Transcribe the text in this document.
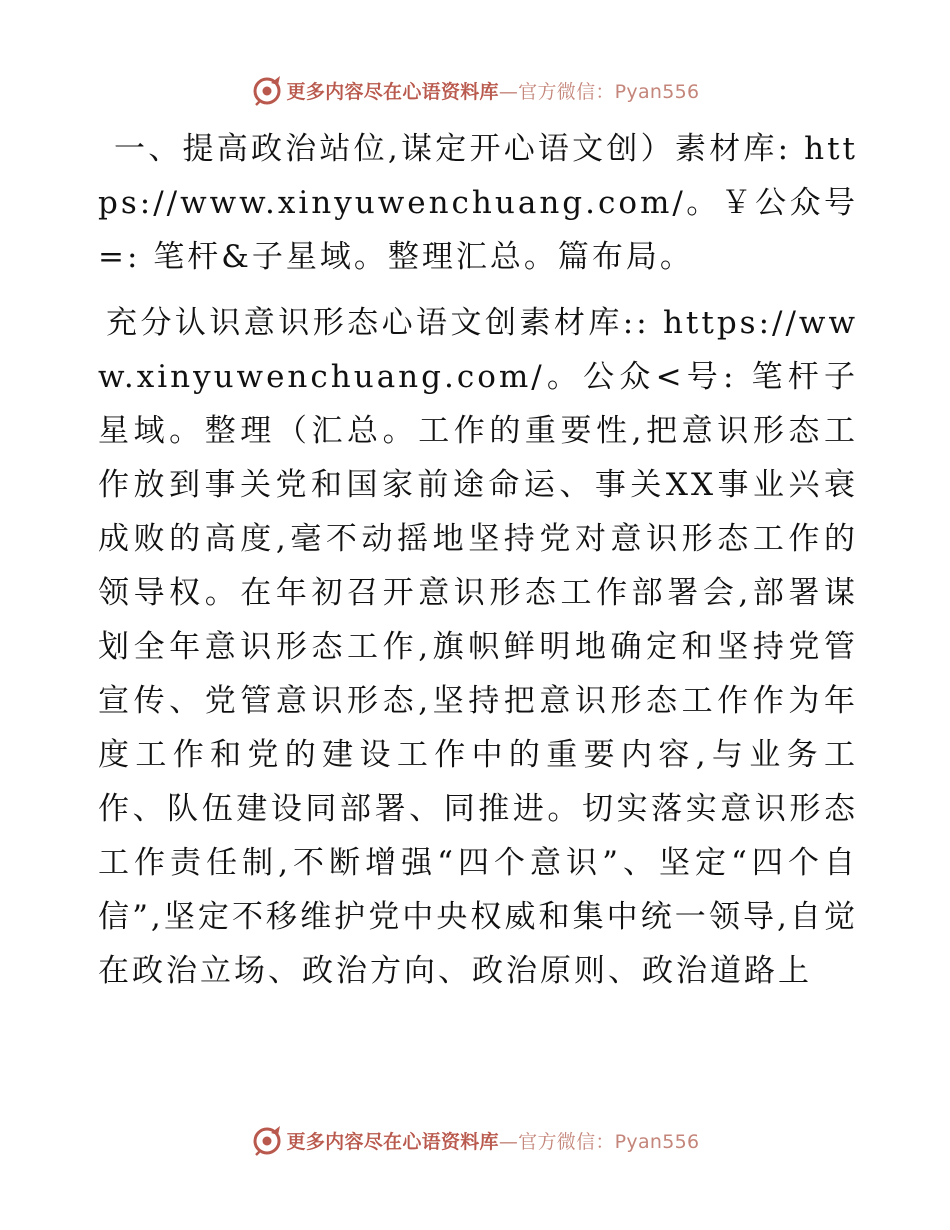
更多内容尽在心语资料库—官方微信：Pyan556

一、提高政治站位,谋定开心语文创）素材库: https://www.xinyuwenchuang.com/。￥公众号=: 笔杆&子星域。整理汇总。篇布局。

充分认识意识形态心语文创素材库:: https://www.xinyuwenchuang.com/。公众<号: 笔杆子星域。整理（汇总。工作的重要性,把意识形态工作放到事关党和国家前途命运、事关XX事业兴衰成败的高度,毫不动摇地坚持党对意识形态工作的领导权。在年初召开意识形态工作部署会,部署谋划全年意识形态工作,旗帜鲜明地确定和坚持党管宣传、党管意识形态,坚持把意识形态工作作为年度工作和党的建设工作中的重要内容,与业务工作、队伍建设同部署、同推进。切实落实意识形态工作责任制,不断增强“四个意识”、坚定“四个自信”,坚定不移维护党中央权威和集中统一领导,自觉在政治立场、政治方向、政治原则、政治道路上

更多内容尽在心语资料库—官方微信：Pyan556
